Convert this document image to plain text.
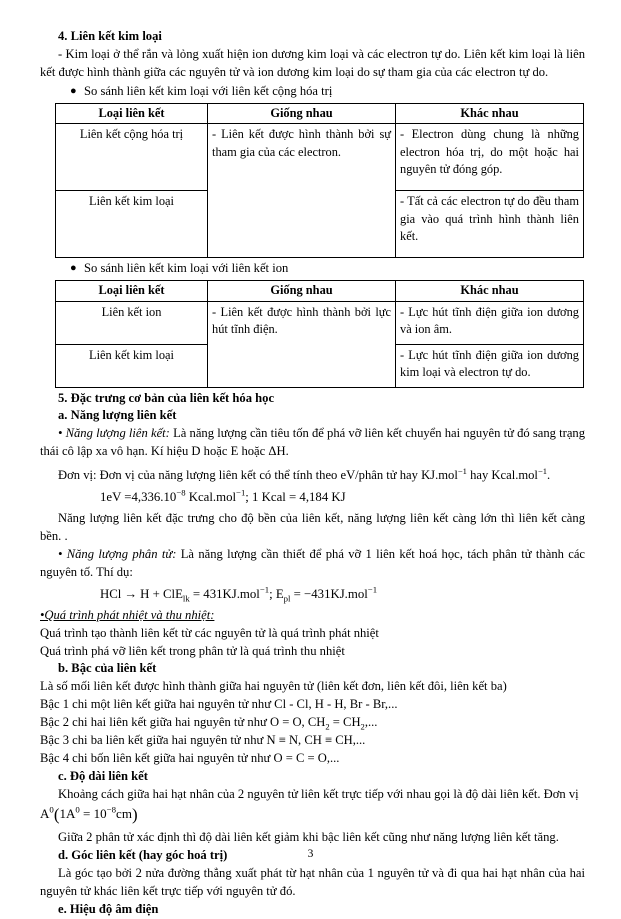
4. Liên kết kim loại
- Kim loại ở thể rắn và lỏng xuất hiện ion dương kim loại và các electron tự do. Liên kết kim loại là liên kết được hình thành giữa các nguyên tử và ion dương kim loại do sự tham gia của các electron tự do.
● So sánh liên kết kim loại với liên kết cộng hóa trị
Loại liên kết	Giống nhau	Khác nhau
Liên kết cộng hóa trị	- Liên kết được hình thành bởi sự tham gia của các electron.	- Electron dùng chung là những electron hóa trị, do một hoặc hai nguyên tử đóng góp.
Liên kết kim loại		- Tất cả các electron tự do đều tham gia vào quá trình hình thành liên kết.
● So sánh liên kết kim loại với liên kết ion
Loại liên kết	Giống nhau	Khác nhau
Liên kết ion	- Liên kết được hình thành bởi lực hút tĩnh điện.	- Lực hút tĩnh điện giữa ion dương và ion âm.
Liên kết kim loại		- Lực hút tĩnh điện giữa ion dương kim loại và electron tự do.
5. Đặc trưng cơ bản của liên kết hóa học
a. Năng lượng liên kết
• Năng lượng liên kết: Là năng lượng cần tiêu tốn để phá vỡ liên kết chuyển hai nguyên tử đó sang trạng thái cô lập xa vô hạn. Kí hiệu D hoặc E hoặc ΔH.
Đơn vị: Đơn vị của năng lượng liên kết có thể tính theo eV/phân tử hay KJ.mol$^{-1}$ hay Kcal.mol$^{-1}$.
$1eV =4,336.10^{-8}$ Kcal.mol$^{-1}$; 1 Kcal = 4,184 KJ
Năng lượng liên kết đặc trưng cho độ bền của liên kết, năng lượng liên kết càng lớn thì liên kết càng bền. .
• Năng lượng phân tử: Là năng lượng cần thiết để phá vỡ 1 liên kết hoá học, tách phân tử thành các nguyên tố. Thí dụ:
HCl → H + ClE$_{lk}$ = 431KJ.mol$^{-1}$; $E_{pl} = -431KJ.mol^{-1}$
•Quá trình phát nhiệt và thu nhiệt:
Quá trình tạo thành liên kết từ các nguyên tử là quá trình phát nhiệt
Quá trình phá vỡ liên kết trong phân tử là quá trình thu nhiệt
b. Bậc của liên kết
Là số mối liên kết được hình thành giữa hai nguyên tử (liên kết đơn, liên kết đôi, liên kết ba)
Bậc 1 chi một liên kết giữa hai nguyên tử như Cl - Cl, H - H, Br - Br,...
Bậc 2 chi hai liên kết giữa hai nguyên tử như O = O, $CH_2 = CH_2$,...
Bậc 3 chi ba liên kết giữa hai nguyên tử như N ≡ N, CH ≡ CH,...
Bậc 4 chi bốn liên kết giữa hai nguyên tử như O = C = O,...
c. Độ dài liên kết
Khoảng cách giữa hai hạt nhân của 2 nguyên tử liên kết trực tiếp với nhau gọi là độ dài liên kết. Đơn vị
$A^0(1A^0 = 10^{-8}cm)$
Giữa 2 phân tử xác định thì độ dài liên kết giảm khi bậc liên kết cũng như năng lượng liên kết tăng.
d. Góc liên kết (hay góc hoá trị)
Là góc tạo bởi 2 nửa đường thẳng xuất phát từ hạt nhân của 1 nguyên tử và đi qua hai hạt nhân của hai nguyên tử khác liên kết trực tiếp với nguyên tử đó.
e. Hiệu độ âm điện
3
